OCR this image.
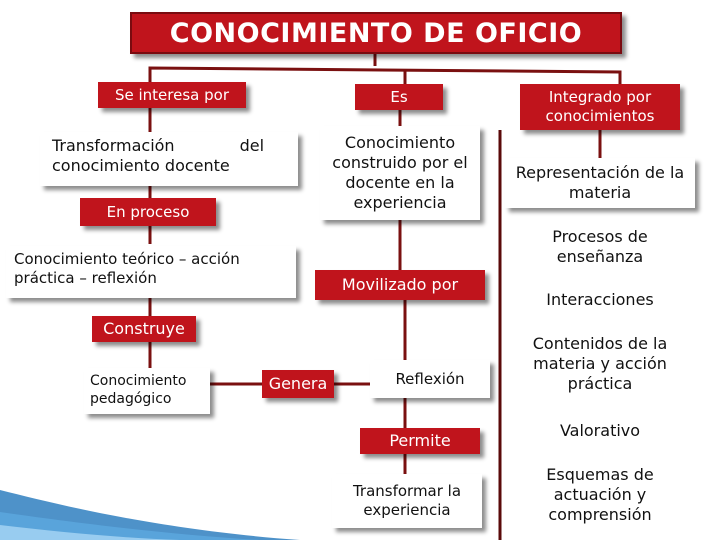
CONOCIMIENTO DE OFICIO
Se interesa por	Es	Integrado por conocimientos
Transformación del
conocimiento docente
Conocimiento construido por el docente en la experiencia
Representación de la materia
En proceso
Procesos de enseñanza
Conocimiento teórico – acción práctica – reflexión	Movilizado por
Interacciones
Construye
Contenidos de la materia y acción práctica
Conocimiento pedagógico
Genera	Reflexión
Valorativo
Permite
Esquemas de actuación y comprensión
Transformar la experiencia
